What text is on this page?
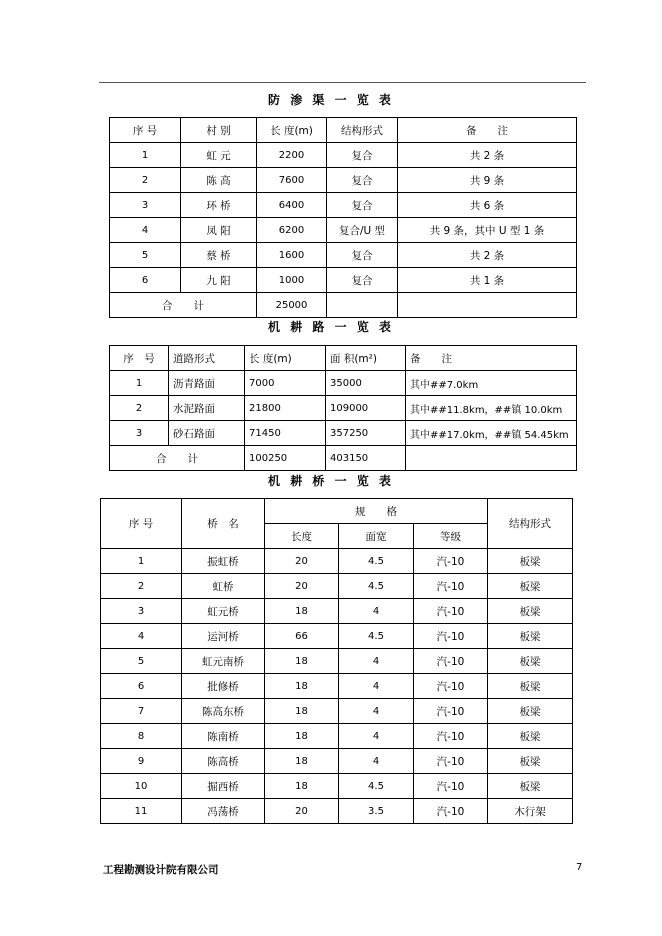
防 渗 渠 一 览 表
序 号	村 别	长 度(m)	结构形式	备　　注
1	虹 元	2200	复合	共 2 条
2	陈 高	7600	复合	共 9 条
3	环 桥	6400	复合	共 6 条
4	凤 阳	6200	复合/U 型	共 9 条，其中 U 型 1 条
5	蔡 桥	1600	复合	共 2 条
6	九 阳	1000	复合	共 1 条
合　　计		25000		
机 耕 路 一 览 表
序　号	道路形式	长 度(m)	面 积(m²)	备　　注
1	沥青路面	7000	35000	其中##7.0km
2	水泥路面	21800	109000	其中##11.8km，##镇 10.0km
3	砂石路面	71450	357250	其中##17.0km，##镇 54.45km
合　　计		100250	403150	
机 耕 桥 一 览 表
序 号	桥　名	规　　格			结构形式
		长度	面宽	等级	
1	振虹桥	20	4.5	汽-10	板梁
2	虹桥	20	4.5	汽-10	板梁
3	虹元桥	18	4	汽-10	板梁
4	运河桥	66	4.5	汽-10	板梁
5	虹元南桥	18	4	汽-10	板梁
6	批修桥	18	4	汽-10	板梁
7	陈高东桥	18	4	汽-10	板梁
8	陈南桥	18	4	汽-10	板梁
9	陈高桥	18	4	汽-10	板梁
10	掘西桥	18	4.5	汽-10	板梁
11	冯荡桥	20	3.5	汽-10	木行架
工程勘测设计院有限公司	7
